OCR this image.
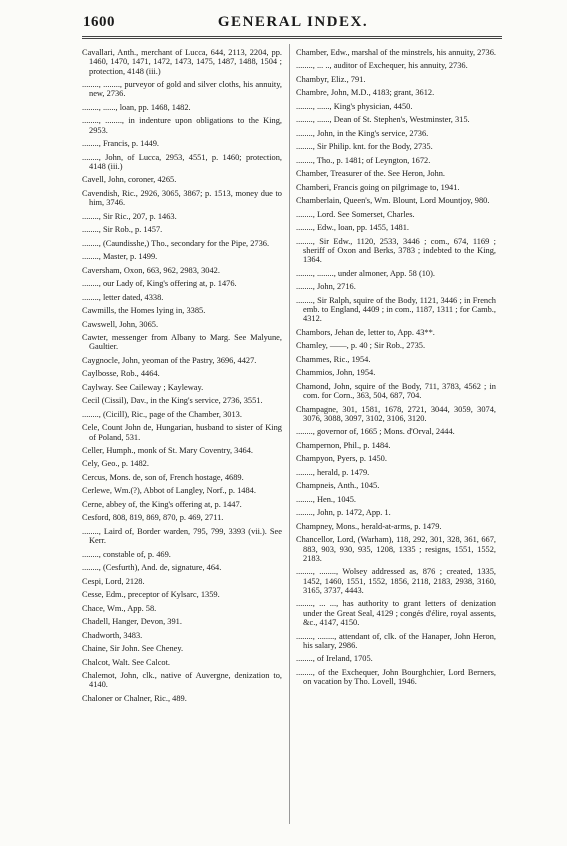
1600	GENERAL INDEX.
Cavallari, Anth., merchant of Lucca, 644, 2113, 2204, pp. 1460, 1470, 1471, 1472, 1473, 1475, 1487, 1488, 1504 ; protection, 4148 (iii.)
........, ........, purveyor of gold and silver cloths, his annuity, new, 2736.
........, ......, loan, pp. 1468, 1482.
........, ........, in indenture upon obligations to the King, 2953.
........, Francis, p. 1449.
........, John, of Lucca, 2953, 4551, p. 1460; protection, 4148 (iii.)
Cavell, John, coroner, 4265.
Cavendish, Ric., 2926, 3065, 3867; p. 1513, money due to him, 3746.
........, Sir Ric., 207, p. 1463.
........, Sir Rob., p. 1457.
........, (Caundisshe,) Tho., secondary for the Pipe, 2736.
........, Master, p. 1499.
Caversham, Oxon, 663, 962, 2983, 3042.
........, our Lady of, King's offering at, p. 1476.
........, letter dated, 4338.
Cawmills, the Homes lying in, 3385.
Cawswell, John, 3065.
Cawter, messenger from Albany to Marg. See Malyune, Gaultier.
Caygnocle, John, yeoman of the Pastry, 3696, 4427.
Caylbosse, Rob., 4464.
Caylway. See Caileway ; Kayleway.
Cecil (Cissil), Dav., in the King's service, 2736, 3551.
........, (Cicill), Ric., page of the Chamber, 3013.
Cele, Count John de, Hungarian, husband to sister of King of Poland, 531.
Celler, Humph., monk of St. Mary Coventry, 3464.
Cely, Geo., p. 1482.
Cercus, Mons. de, son of, French hostage, 4689.
Cerlewe, Wm.(?), Abbot of Langley, Norf., p. 1484.
Cerne, abbey of, the King's offering at, p. 1447.
Cesford, 808, 819, 869, 870, p. 469, 2711.
........, Laird of, Border warden, 795, 799, 3393 (vii.). See Kerr.
........, constable of, p. 469.
........, (Cesfurth), And. de, signature, 464.
Cespi, Lord, 2128.
Cesse, Edm., preceptor of Kylsarc, 1359.
Chace, Wm., App. 58.
Chadell, Hanger, Devon, 391.
Chadworth, 3483.
Chaine, Sir John. See Cheney.
Chalcot, Walt. See Calcot.
Chalemot, John, clk., native of Auvergne, denization to, 4140.
Chaloner or Chalner, Ric., 489.
Chamber, Edw., marshal of the minstrels, his annuity, 2736.
........, ... .., auditor of Exchequer, his annuity, 2736.
Chambyr, Eliz., 791.
Chambre, John, M.D., 4183; grant, 3612.
........, ......, King's physician, 4450.
........, ......, Dean of St. Stephen's, Westminster, 315.
........, John, in the King's service, 2736.
........, Sir Philip. knt. for the Body, 2735.
........, Tho., p. 1481; of Leyngton, 1672.
Chamber, Treasurer of the. See Heron, John.
Chamberi, Francis going on pilgrimage to, 1941.
Chamberlain, Queen's, Wm. Blount, Lord Mountjoy, 980.
........, Lord. See Somerset, Charles.
........, Edw., loan, pp. 1455, 1481.
........, Sir Edw., 1120, 2533, 3446 ; com., 674, 1169 ; sheriff of Oxon and Berks, 3783 ; indebted to the King, 1364.
........, ........, under almoner, App. 58 (10).
........, John, 2716.
........, Sir Ralph, squire of the Body, 1121, 3446 ; in French emb. to England, 4409 ; in com., 1187, 1311 ; for Camb., 4312.
Chambors, Jehan de, letter to, App. 43**.
Chamley, ——, p. 40 ; Sir Rob., 2735.
Chammes, Ric., 1954.
Chammios, John, 1954.
Chamond, John, squire of the Body, 711, 3783, 4562 ; in com. for Corn., 363, 504, 687, 704.
Champagne, 301, 1581, 1678, 2721, 3044, 3059, 3074, 3076, 3088, 3097, 3102, 3106, 3120.
........, governor of, 1665 ; Mons. d'Orval, 2444.
Champernon, Phil., p. 1484.
Champyon, Pyers, p. 1450.
........, herald, p. 1479.
Champneis, Anth., 1045.
........, Hen., 1045.
........, John, p. 1472, App. 1.
Champney, Mons., herald-at-arms, p. 1479.
Chancellor, Lord, (Warham), 118, 292, 301, 328, 361, 667, 883, 903, 930, 935, 1208, 1335 ; resigns, 1551, 1552, 2183.
........, ........, Wolsey addressed as, 876 ; created, 1335, 1452, 1460, 1551, 1552, 1856, 2118, 2183, 2938, 3160, 3165, 3737, 4443.
........, ... ..., has authority to grant letters of denization under the Great Seal, 4129 ; congés d'élire, royal assents, &c., 4147, 4150.
........, ........, attendant of, clk. of the Hanaper, John Heron, his salary, 2986.
........, of Ireland, 1705.
........, of the Exchequer, John Bourghchier, Lord Berners, on vacation by Tho. Lovell, 1946.
